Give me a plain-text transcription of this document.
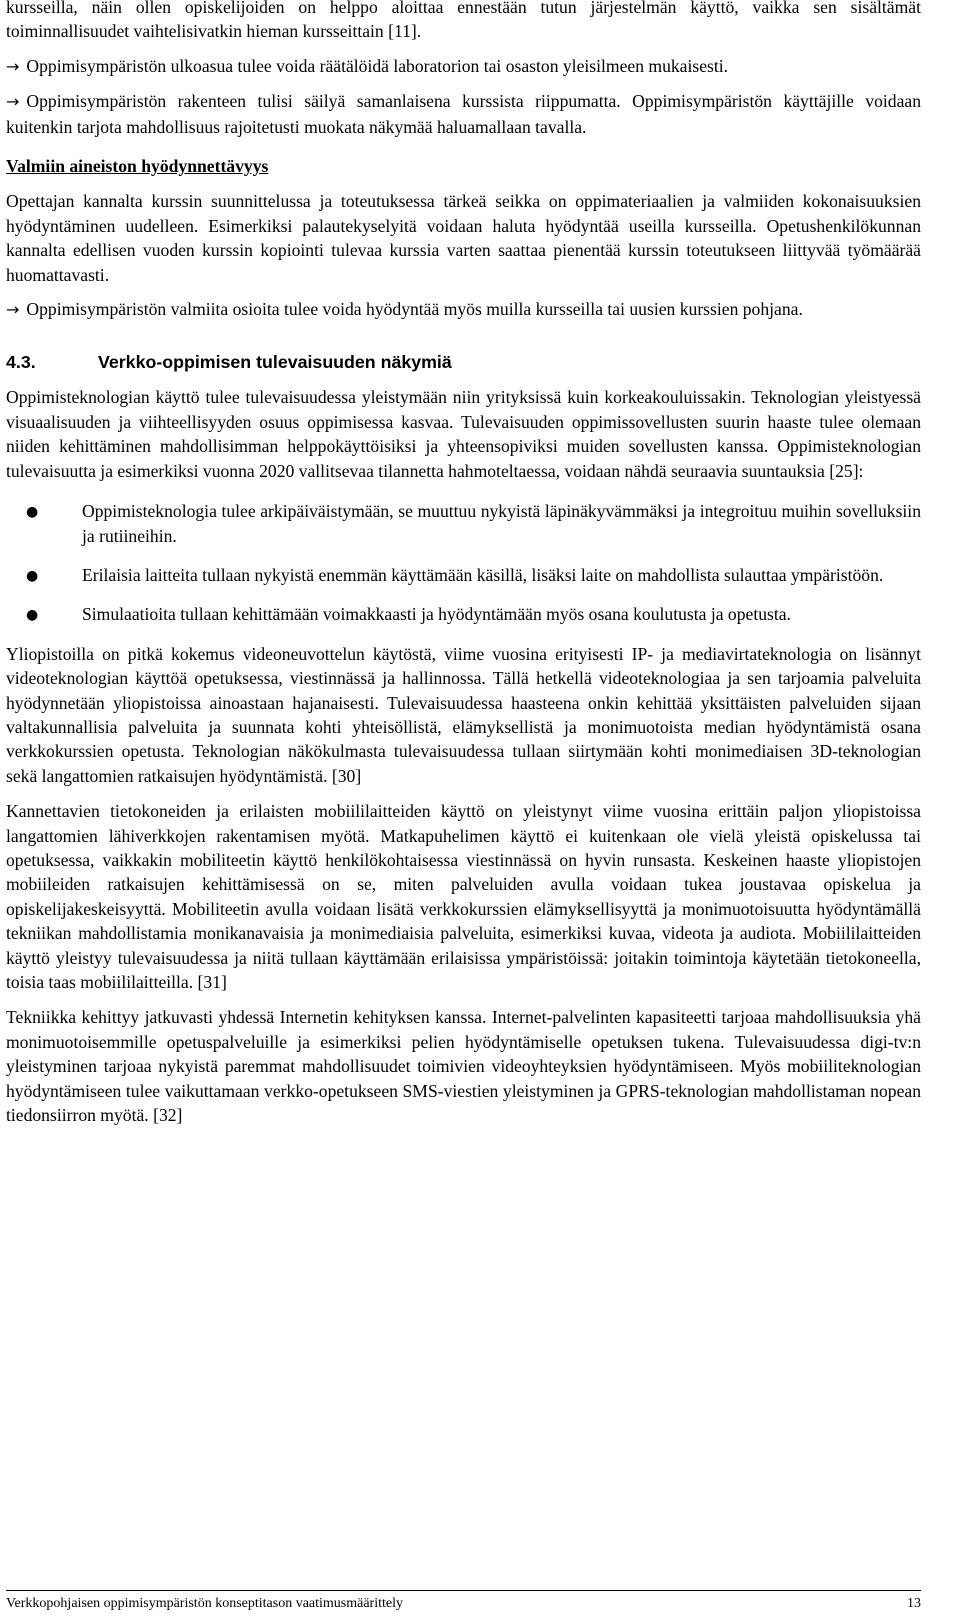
kursseilla, näin ollen opiskelijoiden on helppo aloittaa ennestään tutun järjestelmän käyttö, vaikka sen sisältämät toiminnallisuudet vaihtelisivatkin hieman kursseittain [11].

→ Oppimisympäristön ulkoasua tulee voida räätälöidä laboratorion tai osaston yleisilmeen mukaisesti.

→ Oppimisympäristön rakenteen tulisi säilyä samanlaisena kurssista riippumatta. Oppimisympäristön käyttäjille voidaan kuitenkin tarjota mahdollisuus rajoitetusti muokata näkymää haluamallaan tavalla.

Valmiin aineiston hyödynnettävyys

Opettajan kannalta kurssin suunnittelussa ja toteutuksessa tärkeä seikka on oppimateriaalien ja valmiiden kokonaisuuksien hyödyntäminen uudelleen. Esimerkiksi palautekyselyitä voidaan haluta hyödyntää useilla kursseilla. Opetushenkilökunnan kannalta edellisen vuoden kurssin kopiointi tulevaa kurssia varten saattaa pienentää kurssin toteutukseen liittyvää työmäärää huomattavasti.

→ Oppimisympäristön valmiita osioita tulee voida hyödyntää myös muilla kursseilla tai uusien kurssien pohjana.

4.3.	Verkko-oppimisen tulevaisuuden näkymiä

Oppimisteknologian käyttö tulee tulevaisuudessa yleistymään niin yrityksissä kuin korkeakouluissakin. Teknologian yleistyessä visuaalisuuden ja viihteellisyyden osuus oppimisessa kasvaa. Tulevaisuuden oppimissovellusten suurin haaste tulee olemaan niiden kehittäminen mahdollisimman helppokäyttöisiksi ja yhteensopiviksi muiden sovellusten kanssa. Oppimisteknologian tulevaisuutta ja esimerkiksi vuonna 2020 vallitsevaa tilannetta hahmoteltaessa, voidaan nähdä seuraavia suuntauksia [25]:

● Oppimisteknologia tulee arkipäiväistymään, se muuttuu nykyistä läpinäkyvämmäksi ja integroituu muihin sovelluksiin ja rutiineihin.
● Erilaisia laitteita tullaan nykyistä enemmän käyttämään käsillä, lisäksi laite on mahdollista sulauttaa ympäristöön.
● Simulaatioita tullaan kehittämään voimakkaasti ja hyödyntämään myös osana koulutusta ja opetusta.

Yliopistoilla on pitkä kokemus videoneuvottelun käytöstä, viime vuosina erityisesti IP- ja mediavirtateknologia on lisännyt videoteknologian käyttöä opetuksessa, viestinnässä ja hallinnossa. Tällä hetkellä videoteknologiaa ja sen tarjoamia palveluita hyödynnetään yliopistoissa ainoastaan hajanaisesti. Tulevaisuudessa haasteena onkin kehittää yksittäisten palveluiden sijaan valtakunnallisia palveluita ja suunnata kohti yhteisöllistä, elämyksellistä ja monimuotoista median hyödyntämistä osana verkkokurssien opetusta. Teknologian näkökulmasta tulevaisuudessa tullaan siirtymään kohti monimediaisen 3D-teknologian sekä langattomien ratkaisujen hyödyntämistä. [30]

Kannettavien tietokoneiden ja erilaisten mobiililaitteiden käyttö on yleistynyt viime vuosina erittäin paljon yliopistoissa langattomien lähiverkkojen rakentamisen myötä. Matkapuhelimen käyttö ei kuitenkaan ole vielä yleistä opiskelussa tai opetuksessa, vaikkakin mobiliteetin käyttö henkilökohtaisessa viestinnässä on hyvin runsasta. Keskeinen haaste yliopistojen mobiileiden ratkaisujen kehittämisessä on se, miten palveluiden avulla voidaan tukea joustavaa opiskelua ja opiskelijakeskeisyyttä. Mobiliteetin avulla voidaan lisätä verkkokurssien elämyksellisyyttä ja monimuotoisuutta hyödyntämällä tekniikan mahdollistamia monikanavaisia ja monimediaisia palveluita, esimerkiksi kuvaa, videota ja audiota. Mobiililaitteiden käyttö yleistyy tulevaisuudessa ja niitä tullaan käyttämään erilaisissa ympäristöissä: joitakin toimintoja käytetään tietokoneella, toisia taas mobiililaitteilla. [31]

Tekniikka kehittyy jatkuvasti yhdessä Internetin kehityksen kanssa. Internet-palvelinten kapasiteetti tarjoaa mahdollisuuksia yhä monimuotoisemmille opetuspalveluille ja esimerkiksi pelien hyödyntämiselle opetuksen tukena. Tulevaisuudessa digi-tv:n yleistyminen tarjoaa nykyistä paremmat mahdollisuudet toimivien videoyhteyksien hyödyntämiseen. Myös mobiiliteknologian hyödyntämiseen tulee vaikuttamaan verkko-opetukseen SMS-viestien yleistyminen ja GPRS-teknologian mahdollistaman nopean tiedonsiirron myötä. [32]

Verkkopohjaisen oppimisympäristön konseptitason vaatimusmäärittely	13
